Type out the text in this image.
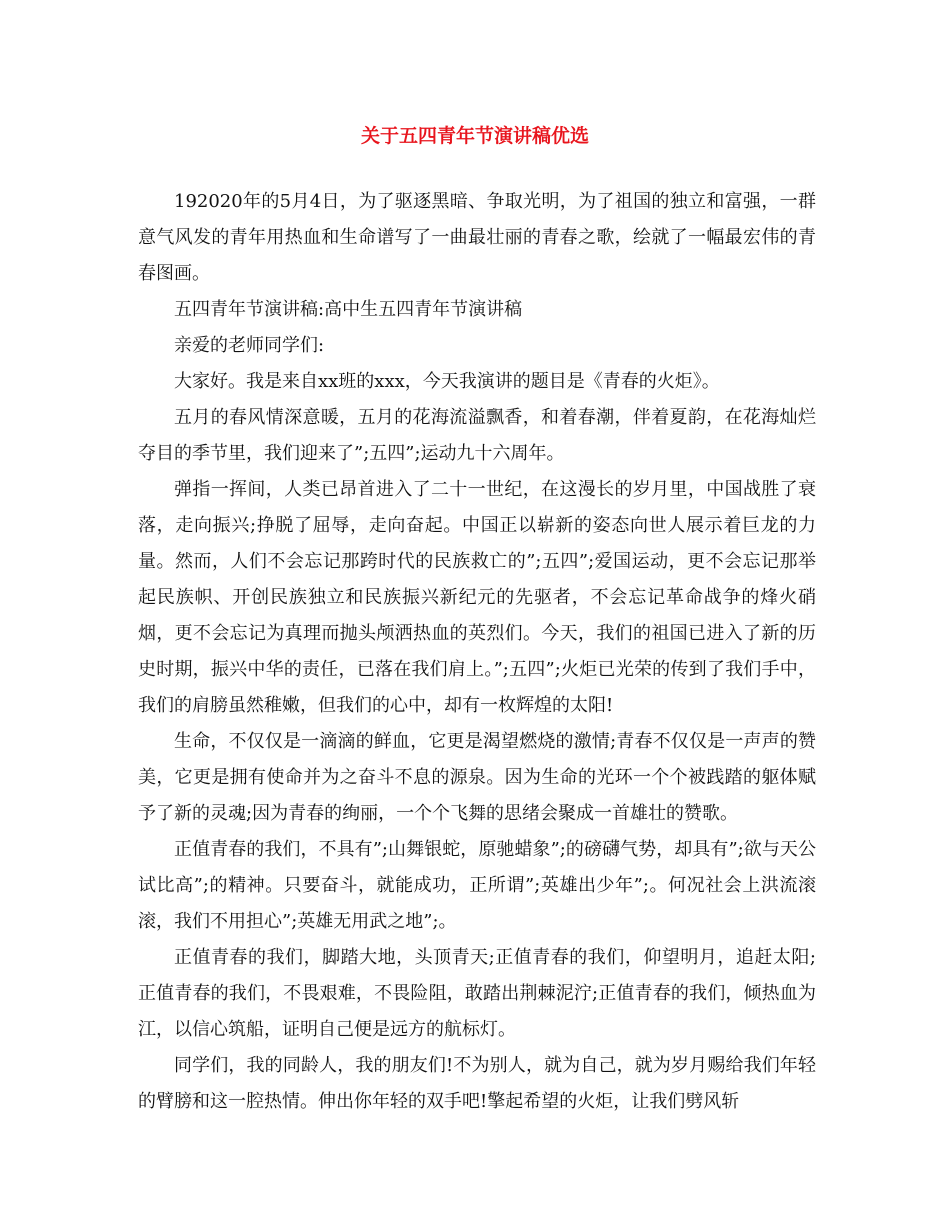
关于五四青年节演讲稿优选

192020年的5月4日，为了驱逐黑暗、争取光明，为了祖国的独立和富强，一群意气风发的青年用热血和生命谱写了一曲最壮丽的青春之歌，绘就了一幅最宏伟的青春图画。

五四青年节演讲稿:高中生五四青年节演讲稿

亲爱的老师同学们:

大家好。我是来自xx班的xxx，今天我演讲的题目是《青春的火炬》。

五月的春风情深意暖，五月的花海流溢飘香，和着春潮，伴着夏韵，在花海灿烂夺目的季节里，我们迎来了”;五四”;运动九十六周年。

弹指一挥间，人类已昂首进入了二十一世纪，在这漫长的岁月里，中国战胜了衰落，走向振兴;挣脱了屈辱，走向奋起。中国正以崭新的姿态向世人展示着巨龙的力量。然而，人们不会忘记那跨时代的民族救亡的”;五四”;爱国运动，更不会忘记那举起民族帜、开创民族独立和民族振兴新纪元的先驱者，不会忘记革命战争的烽火硝烟，更不会忘记为真理而抛头颅洒热血的英烈们。今天，我们的祖国已进入了新的历史时期，振兴中华的责任，已落在我们肩上。”;五四”;火炬已光荣的传到了我们手中，我们的肩膀虽然稚嫩，但我们的心中，却有一枚辉煌的太阳!

生命，不仅仅是一滴滴的鲜血，它更是渴望燃烧的激情;青春不仅仅是一声声的赞美，它更是拥有使命并为之奋斗不息的源泉。因为生命的光环一个个被践踏的躯体赋予了新的灵魂;因为青春的绚丽，一个个飞舞的思绪会聚成一首雄壮的赞歌。

正值青春的我们，不具有”;山舞银蛇，原驰蜡象”;的磅礴气势，却具有”;欲与天公试比高”;的精神。只要奋斗，就能成功，正所谓”;英雄出少年”;。何况社会上洪流滚滚，我们不用担心”;英雄无用武之地”;。

正值青春的我们，脚踏大地，头顶青天;正值青春的我们，仰望明月，追赶太阳;正值青春的我们，不畏艰难，不畏险阻，敢踏出荆棘泥泞;正值青春的我们，倾热血为江，以信心筑船，证明自己便是远方的航标灯。

同学们，我的同龄人，我的朋友们!不为别人，就为自己，就为岁月赐给我们年轻的臂膀和这一腔热情。伸出你年轻的双手吧!擎起希望的火炬，让我们劈风斩
